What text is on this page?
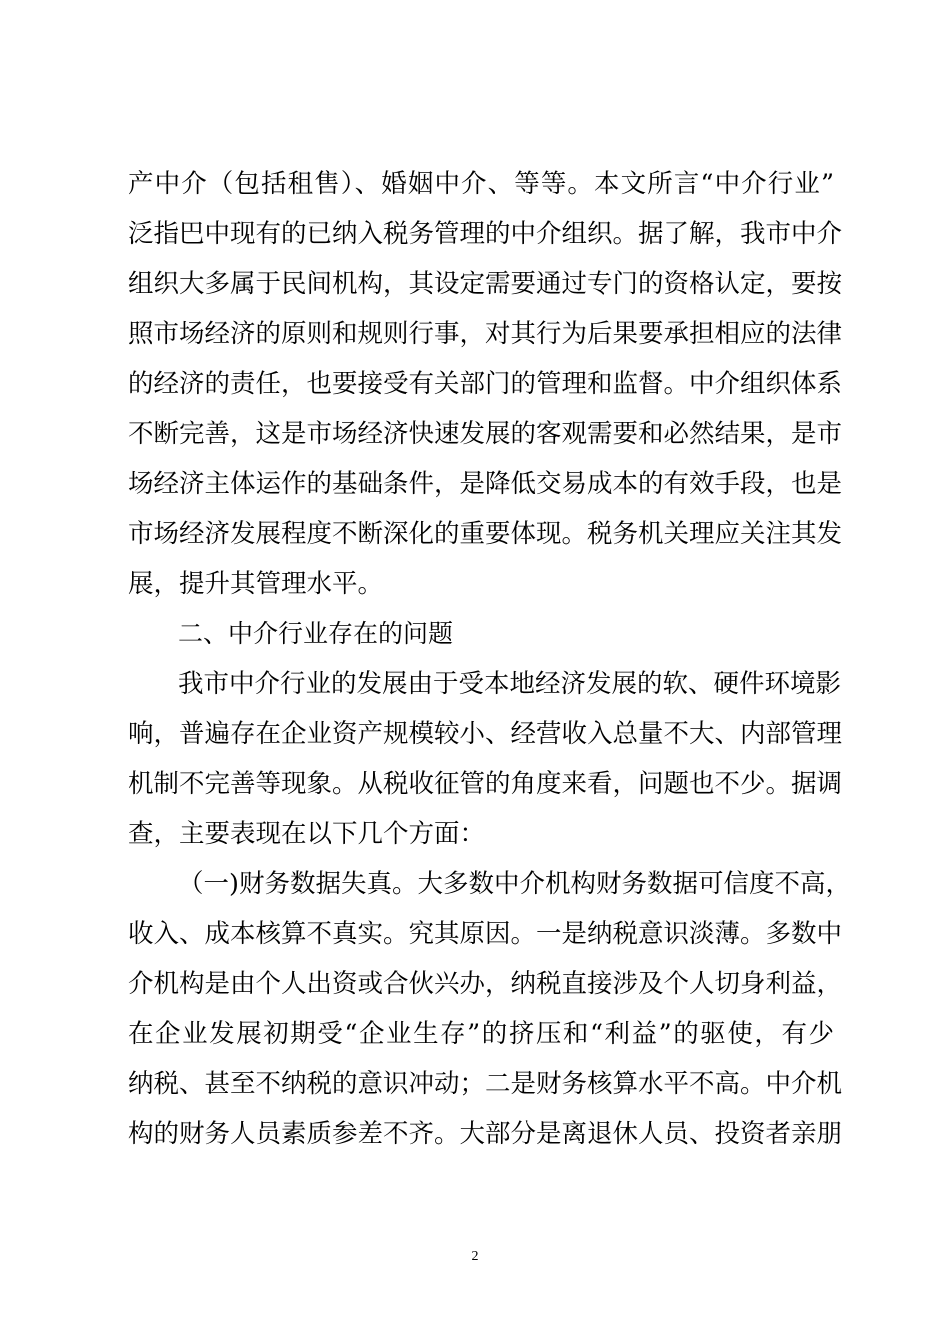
产中介（包括租售）、婚姻中介、等等。本文所言“中介行业”
泛指巴中现有的已纳入税务管理的中介组织。据了解，我市中介
组织大多属于民间机构，其设定需要通过专门的资格认定，要按
照市场经济的原则和规则行事，对其行为后果要承担相应的法律
的经济的责任，也要接受有关部门的管理和监督。中介组织体系
不断完善，这是市场经济快速发展的客观需要和必然结果，是市
场经济主体运作的基础条件，是降低交易成本的有效手段，也是
市场经济发展程度不断深化的重要体现。税务机关理应关注其发
展，提升其管理水平。
二、中介行业存在的问题
我市中介行业的发展由于受本地经济发展的软、硬件环境影
响，普遍存在企业资产规模较小、经营收入总量不大、内部管理
机制不完善等现象。从税收征管的角度来看，问题也不少。据调
查，主要表现在以下几个方面：
（一)财务数据失真。大多数中介机构财务数据可信度不高，
收入、成本核算不真实。究其原因。一是纳税意识淡薄。多数中
介机构是由个人出资或合伙兴办，纳税直接涉及个人切身利益，
在企业发展初期受“企业生存”的挤压和“利益”的驱使，有少
纳税、甚至不纳税的意识冲动；二是财务核算水平不高。中介机
构的财务人员素质参差不齐。大部分是离退休人员、投资者亲朋
2
